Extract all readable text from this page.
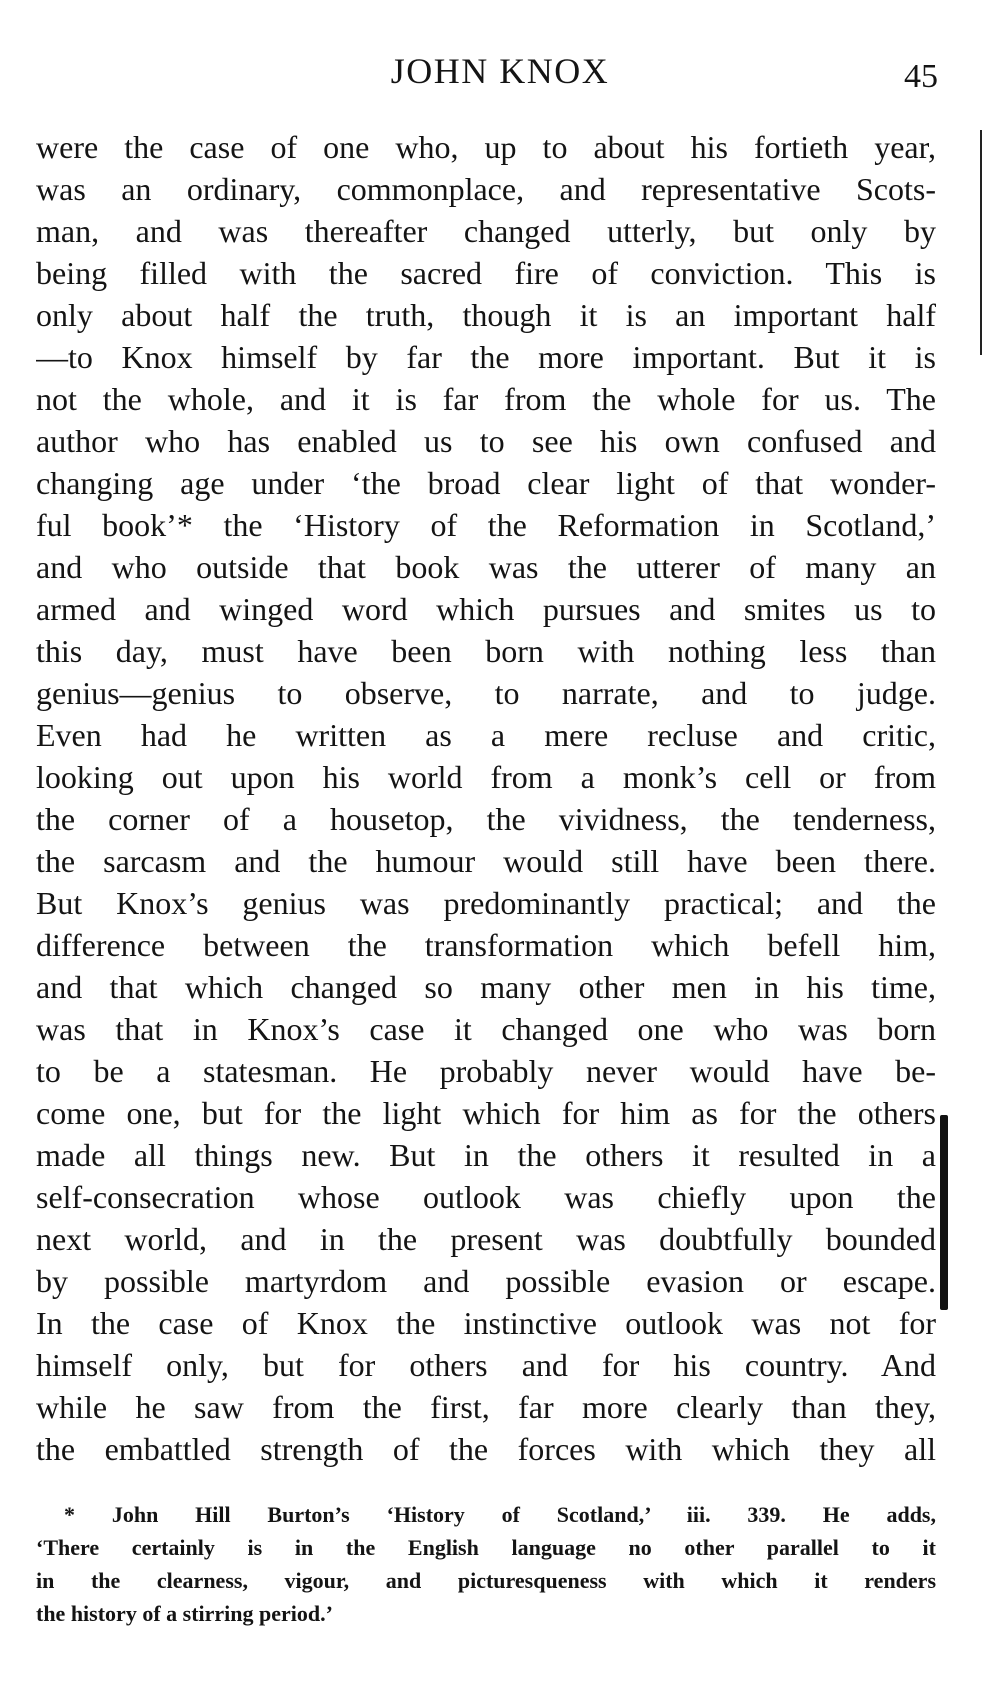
JOHN KNOX	45
were the case of one who, up to about his fortieth year,
was an ordinary, commonplace, and representative Scots-
man, and was thereafter changed utterly, but only by
being filled with the sacred fire of conviction. This is
only about half the truth, though it is an important half
—to Knox himself by far the more important. But it is
not the whole, and it is far from the whole for us. The
author who has enabled us to see his own confused and
changing age under ‘the broad clear light of that wonder-
ful book’* the ‘History of the Reformation in Scotland,’
and who outside that book was the utterer of many an
armed and winged word which pursues and smites us to
this day, must have been born with nothing less than
genius—genius to observe, to narrate, and to judge.
Even had he written as a mere recluse and critic,
looking out upon his world from a monk’s cell or from
the corner of a housetop, the vividness, the tenderness,
the sarcasm and the humour would still have been there.
But Knox’s genius was predominantly practical; and the
difference between the transformation which befell him,
and that which changed so many other men in his time,
was that in Knox’s case it changed one who was born
to be a statesman. He probably never would have be-
come one, but for the light which for him as for the others
made all things new. But in the others it resulted in a
self-consecration whose outlook was chiefly upon the
next world, and in the present was doubtfully bounded
by possible martyrdom and possible evasion or escape.
In the case of Knox the instinctive outlook was not for
himself only, but for others and for his country. And
while he saw from the first, far more clearly than they,
the embattled strength of the forces with which they all
* John Hill Burton’s ‘History of Scotland,’ iii. 339. He adds,
‘There certainly is in the English language no other parallel to it
in the clearness, vigour, and picturesqueness with which it renders
the history of a stirring period.’
